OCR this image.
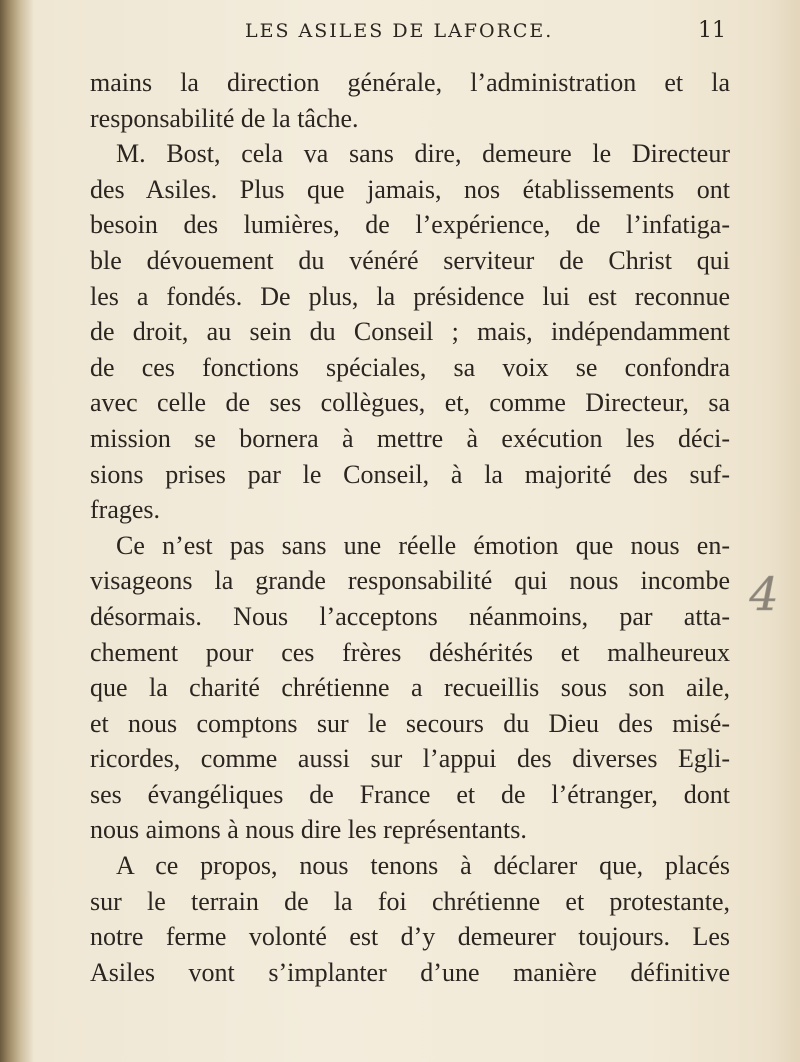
LES ASILES DE LAFORCE.	11
mains la direction générale, l’administration et la
responsabilité de la tâche.
M. Bost, cela va sans dire, demeure le Directeur
des Asiles. Plus que jamais, nos établissements ont
besoin des lumières, de l’expérience, de l’infatiga-
ble dévouement du vénéré serviteur de Christ qui
les a fondés. De plus, la présidence lui est reconnue
de droit, au sein du Conseil ; mais, indépendamment
de ces fonctions spéciales, sa voix se confondra
avec celle de ses collègues, et, comme Directeur, sa
mission se bornera à mettre à exécution les déci-
sions prises par le Conseil, à la majorité des suf-
frages.
Ce n’est pas sans une réelle émotion que nous en-
visageons la grande responsabilité qui nous incombe
désormais. Nous l’acceptons néanmoins, par atta-
chement pour ces frères déshérités et malheureux
que la charité chrétienne a recueillis sous son aile,
et nous comptons sur le secours du Dieu des misé-
ricordes, comme aussi sur l’appui des diverses Egli-
ses évangéliques de France et de l’étranger, dont
nous aimons à nous dire les représentants.
A ce propos, nous tenons à déclarer que, placés
sur le terrain de la foi chrétienne et protestante,
notre ferme volonté est d’y demeurer toujours. Les
Asiles vont s’implanter d’une manière définitive
4
